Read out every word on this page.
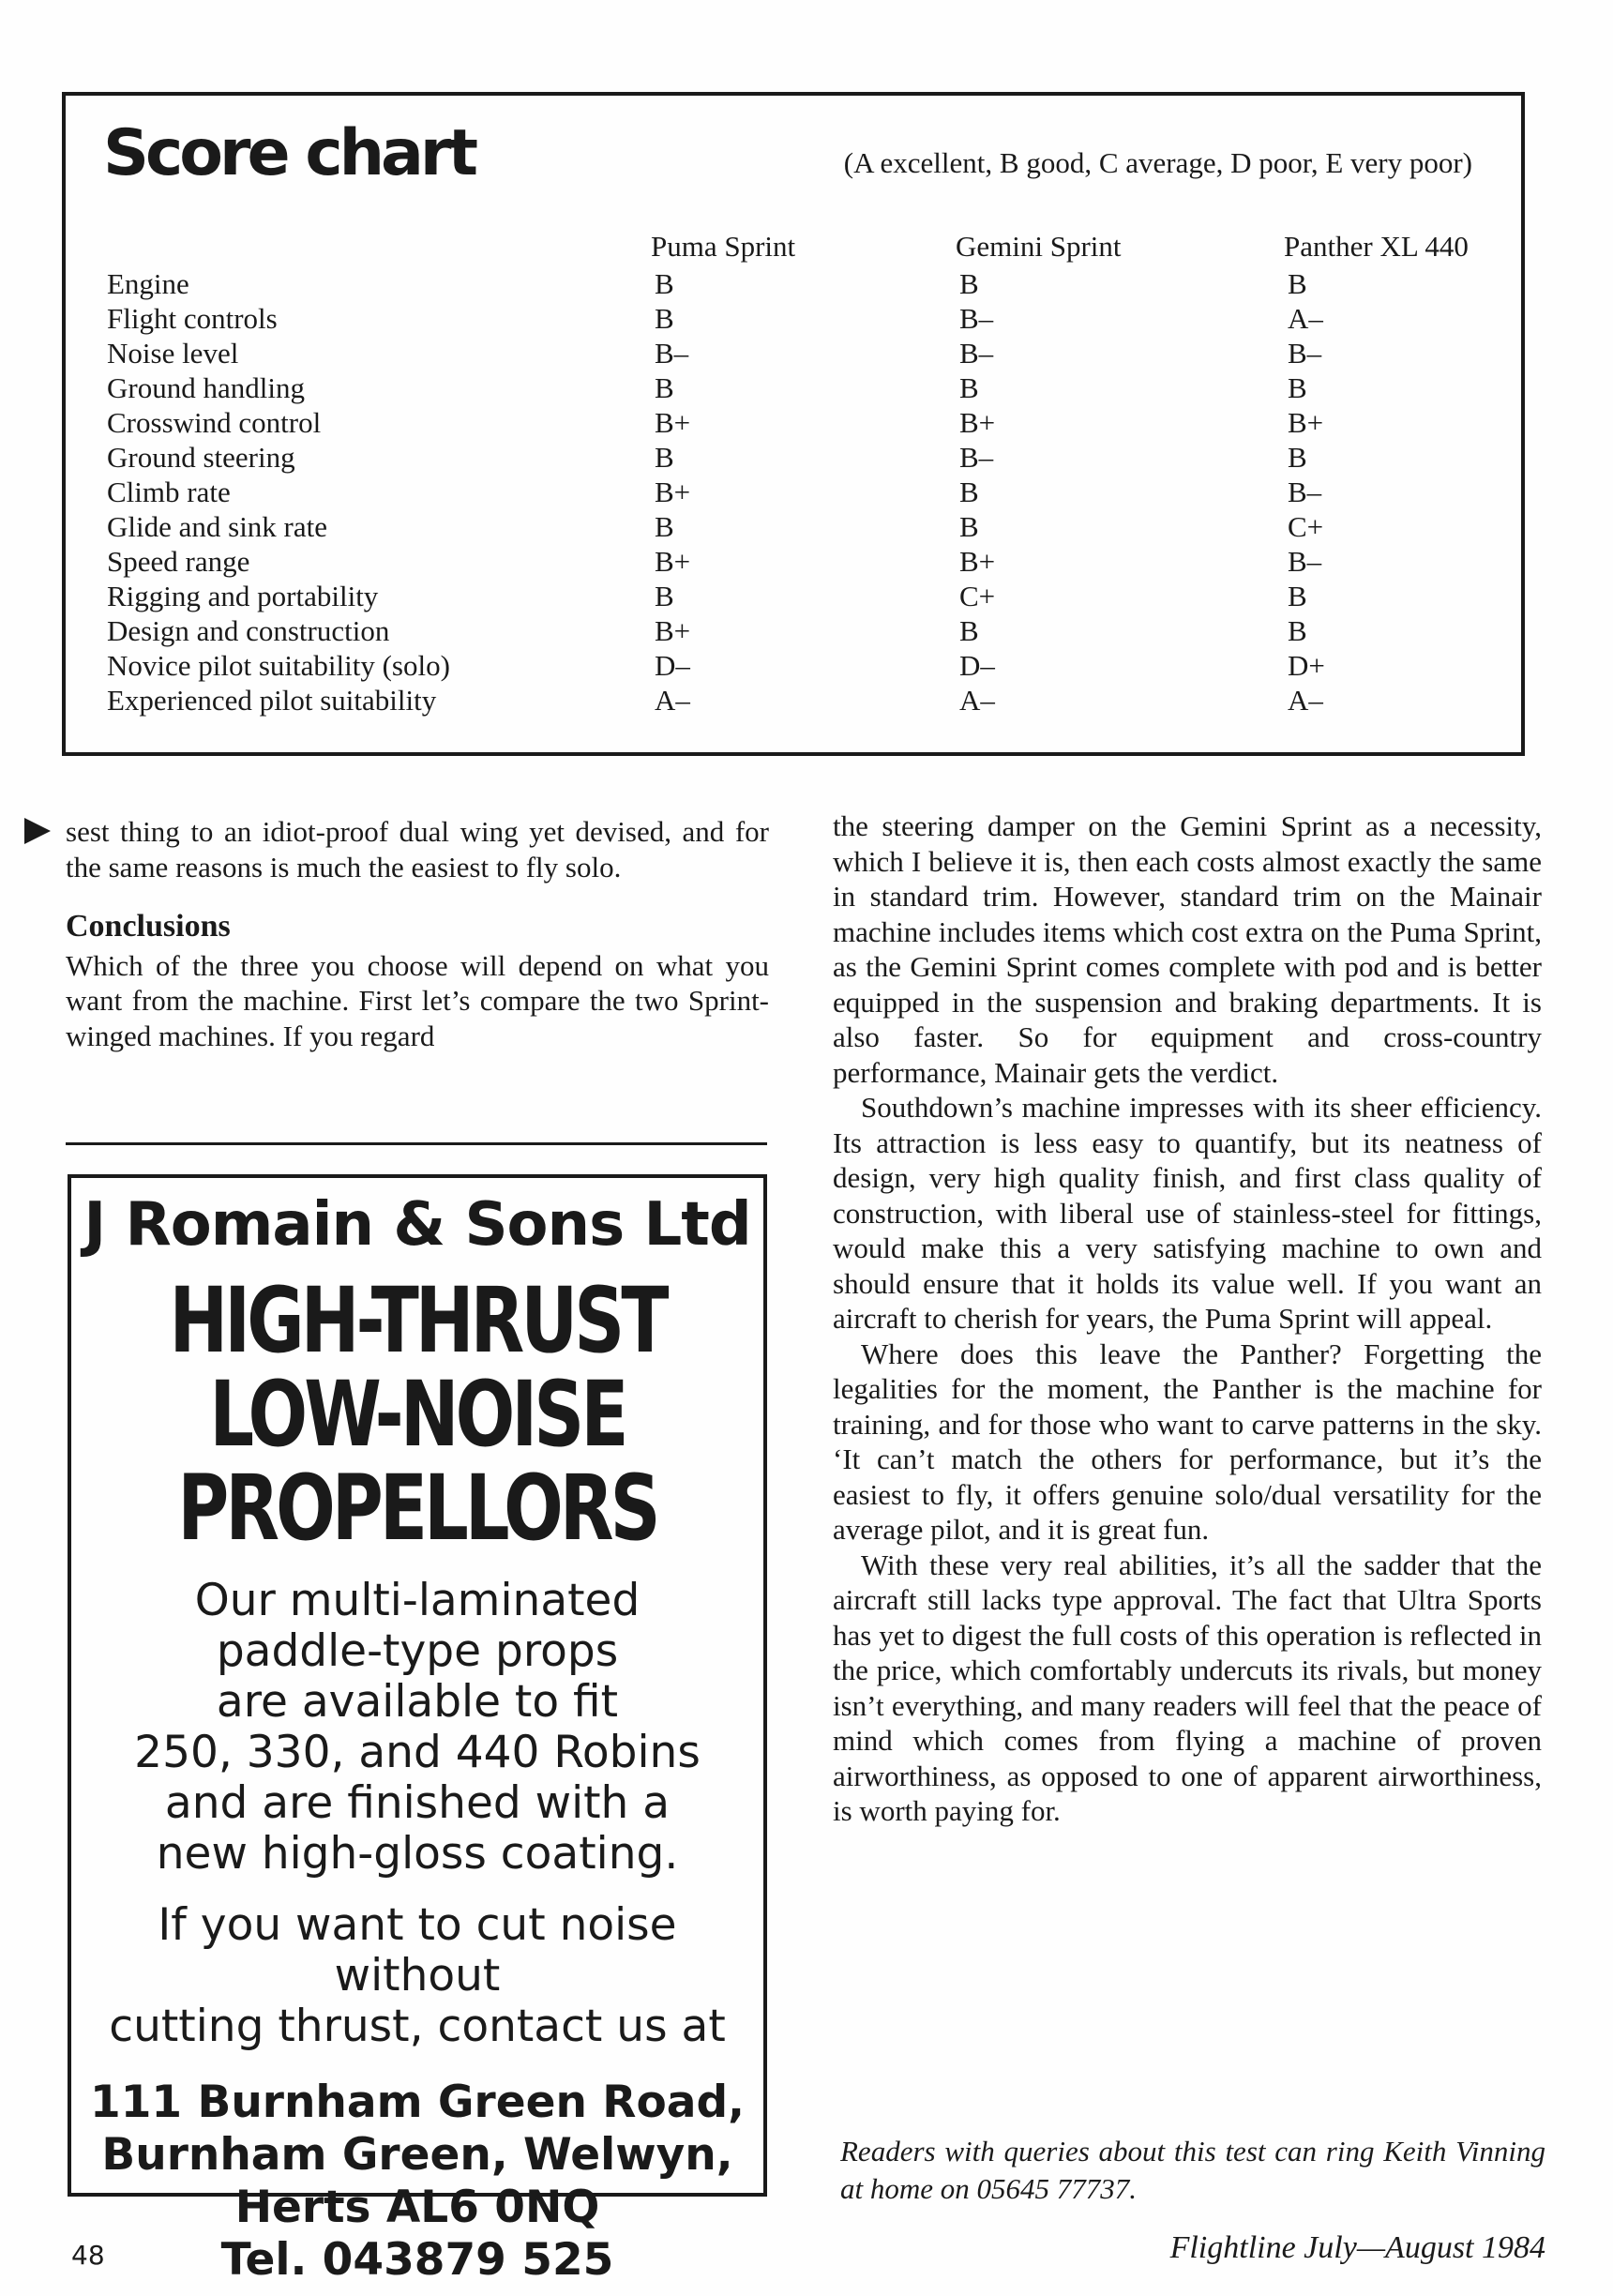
Score chart	(A excellent, B good, C average, D poor, E very poor)
	Puma Sprint	Gemini Sprint	Panther XL 440
Engine	B	B	B
Flight controls	B	B–	A–
Noise level	B–	B–	B–
Ground handling	B	B	B
Crosswind control	B+	B+	B+
Ground steering	B	B–	B
Climb rate	B+	B	B–
Glide and sink rate	B	B	C+
Speed range	B+	B+	B–
Rigging and portability	B	C+	B
Design and construction	B+	B	B
Novice pilot suitability (solo)	D–	D–	D+
Experienced pilot suitability	A–	A–	A–

sest thing to an idiot-proof dual wing yet devised, and for the same reasons is much the easiest to fly solo.

Conclusions

Which of the three you choose will depend on what you want from the machine. First let’s compare the two Sprint-winged machines. If you regard

J Romain & Sons Ltd
HIGH-THRUST
LOW-NOISE
PROPELLORS
Our multi-laminated
paddle-type props
are available to fit
250, 330, and 440 Robins
and are finished with a
new high-gloss coating.
If you want to cut noise without
cutting thrust, contact us at
111 Burnham Green Road,
Burnham Green, Welwyn,
Herts AL6 0NQ
Tel. 043879 525

the steering damper on the Gemini Sprint as a necessity, which I believe it is, then each costs almost exactly the same in standard trim. However, standard trim on the Mainair machine includes items which cost extra on the Puma Sprint, as the Gemini Sprint comes complete with pod and is better equipped in the suspension and braking departments. It is also faster. So for equipment and cross-country performance, Mainair gets the verdict.

Southdown’s machine impresses with its sheer efficiency. Its attraction is less easy to quantify, but its neatness of design, very high quality finish, and first class quality of construction, with liberal use of stainless-steel for fittings, would make this a very satisfying machine to own and should ensure that it holds its value well. If you want an aircraft to cherish for years, the Puma Sprint will appeal.

Where does this leave the Panther? Forgetting the legalities for the moment, the Panther is the machine for training, and for those who want to carve patterns in the sky. ‘It can’t match the others for performance, but it’s the easiest to fly, it offers genuine solo/dual versatility for the average pilot, and it is great fun.

With these very real abilities, it’s all the sadder that the aircraft still lacks type approval. The fact that Ultra Sports has yet to digest the full costs of this operation is reflected in the price, which comfortably undercuts its rivals, but money isn’t everything, and many readers will feel that the peace of mind which comes from flying a machine of proven airworthiness, as opposed to one of apparent airworthiness, is worth paying for.

Readers with queries about this test can ring Keith Vinning at home on 05645 77737.
48	Flightline July—August 1984
